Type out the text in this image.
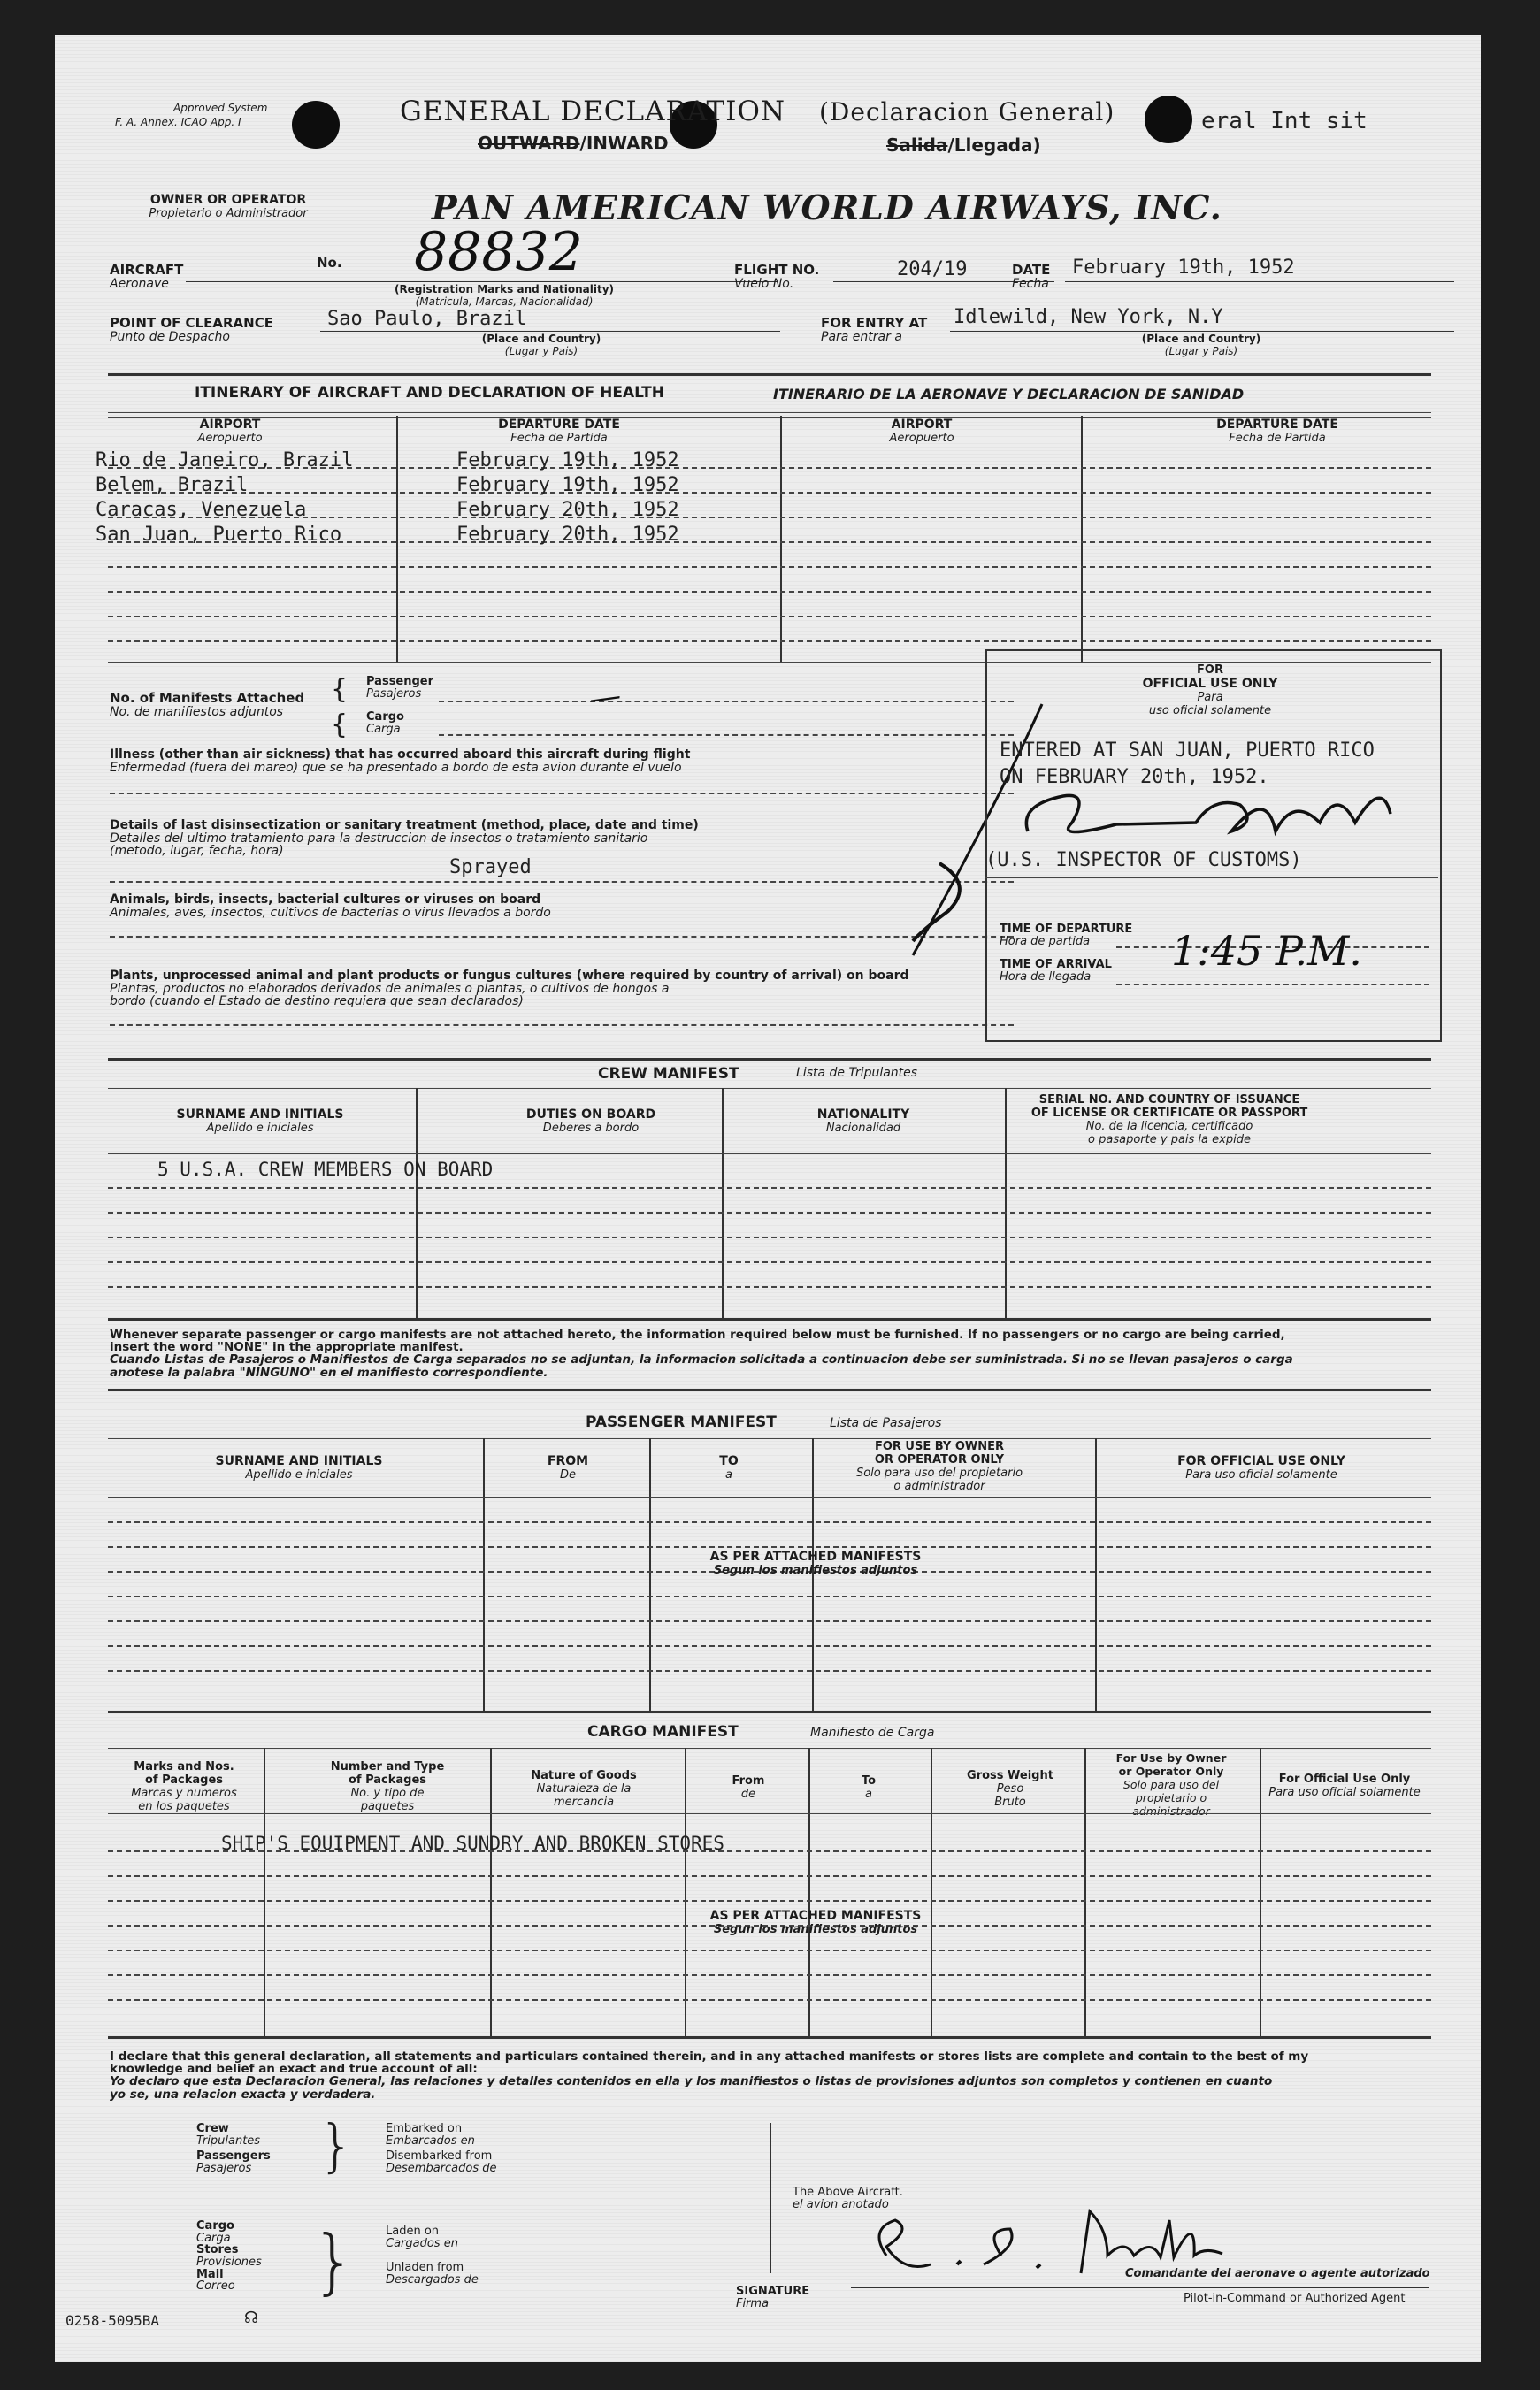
Approved System
F. A. Annex. ICAO App. I	GENERAL DECLARATION
OUTWARD/INWARD
(Declaracion General)
Salida/Llegada)
eral Int sit
OWNER OR OPERATOR
Propietario o Administrador	PAN AMERICAN WORLD AIRWAYS, INC.
AIRCRAFT
Aeronave
No. 88832
(Registration Marks and Nationality)
(Matricula, Marcas, Nacionalidad)
FLIGHT NO.
Vuelo No.
204/19	DATE
Fecha
February 19th, 1952
POINT OF CLEARANCE
Punto de Despacho
Sao Paulo, Brazil
(Place and Country)
(Lugar y Pais)
FOR ENTRY AT
Para entrar a
Idlewild, New York, N.Y
(Place and Country)
(Lugar y Pais)
ITINERARY OF AIRCRAFT AND DECLARATION OF HEALTH	ITINERARIO DE LA AERONAVE Y DECLARACION DE SANIDAD
AIRPORT
Aeropuerto
DEPARTURE DATE
Fecha de Partida
AIRPORT
Aeropuerto
DEPARTURE DATE
Fecha de Partida
Rio de Janeiro, Brazil	February 19th, 1952
Belem, Brazil	February 19th, 1952
Caracas, Venezuela	February 20th, 1952
San Juan, Puerto Rico	February 20th, 1952
No. of Manifests Attached
No. de manifiestos adjuntos
{
{
Passenger
Pasajeros
Cargo
Carga
—
Illness (other than air sickness) that has occurred aboard this aircraft during flight
Enfermedad (fuera del mareo) que se ha presentado a bordo de esta avion durante el vuelo
Details of last disinsectization or sanitary treatment (method, place, date and time)
Detalles del ultimo tratamiento para la destruccion de insectos o tratamiento sanitario
(metodo, lugar, fecha, hora)
Sprayed
Animals, birds, insects, bacterial cultures or viruses on board
Animales, aves, insectos, cultivos de bacterias o virus llevados a bordo
Plants, unprocessed animal and plant products or fungus cultures (where required by country of arrival) on board
Plantas, productos no elaborados derivados de animales o plantas, o cultivos de hongos a
bordo (cuando el Estado de destino requiera que sean declarados)
FOR
OFFICIAL USE ONLY
Para
uso oficial solamente
ENTERED AT SAN JUAN, PUERTO RICO
ON FEBRUARY 20th, 1952.
(U.S. INSPECTOR OF CUSTOMS)
TIME OF DEPARTURE
Hora de partida
TIME OF ARRIVAL
Hora de llegada
1:45 P.M.
CREW MANIFEST	Lista de Tripulantes
SURNAME AND INITIALS
Apellido e iniciales
DUTIES ON BOARD
Deberes a bordo
NATIONALITY
Nacionalidad
SERIAL NO. AND COUNTRY OF ISSUANCE
OF LICENSE OR CERTIFICATE OR PASSPORT
No. de la licencia, certificado
o pasaporte y pais la expide
5 U.S.A. CREW MEMBERS ON BOARD
Whenever separate passenger or cargo manifests are not attached hereto, the information required below must be furnished. If no passengers or no cargo are being carried,
insert the word "NONE" in the appropriate manifest.
Cuando Listas de Pasajeros o Manifiestos de Carga separados no se adjuntan, la informacion solicitada a continuacion debe ser suministrada. Si no se llevan pasajeros o carga
anotese la palabra "NINGUNO" en el manifiesto correspondiente.
PASSENGER MANIFEST	Lista de Pasajeros
SURNAME AND INITIALS
Apellido e iniciales
FROM
De
TO
a
FOR USE BY OWNER
OR OPERATOR ONLY
Solo para uso del propietario
o administrador
FOR OFFICIAL USE ONLY
Para uso oficial solamente
AS PER ATTACHED MANIFESTS
Segun los manifiestos adjuntos
CARGO MANIFEST	Manifiesto de Carga
Marks and Nos.
of Packages
Marcas y numeros
en los paquetes
Number and Type
of Packages
No. y tipo de
paquetes
Nature of Goods
Naturaleza de la
mercancia
From
de
To
a
Gross Weight
Peso
Bruto
For Use by Owner
or Operator Only
Solo para uso del
propietario o
administrador
For Official Use Only
Para uso oficial solamente
SHIP'S EQUIPMENT AND SUNDRY AND BROKEN STORES
AS PER ATTACHED MANIFESTS
Segun los manifiestos adjuntos
I declare that this general declaration, all statements and particulars contained therein, and in any attached manifests or stores lists are complete and contain to the best of my
knowledge and belief an exact and true account of all:
Yo declaro que esta Declaracion General, las relaciones y detalles contenidos en ella y los manifiestos o listas de provisiones adjuntos son completos y contienen en cuanto
yo se, una relacion exacta y verdadera.
Crew
Tripulantes
Passengers
Pasajeros	}	Embarked on
Embarcados en
Disembarked from
Desembarcados de
Cargo
Carga
Stores
Provisiones
Mail
Correo	}	Laden on
Cargados en
Unladen from
Descargados de
The Above Aircraft.
el avion anotado
SIGNATURE
Firma
Comandante del aeronave o agente autorizado
Pilot-in-Command or Authorized Agent
0258-5095BA	☊
